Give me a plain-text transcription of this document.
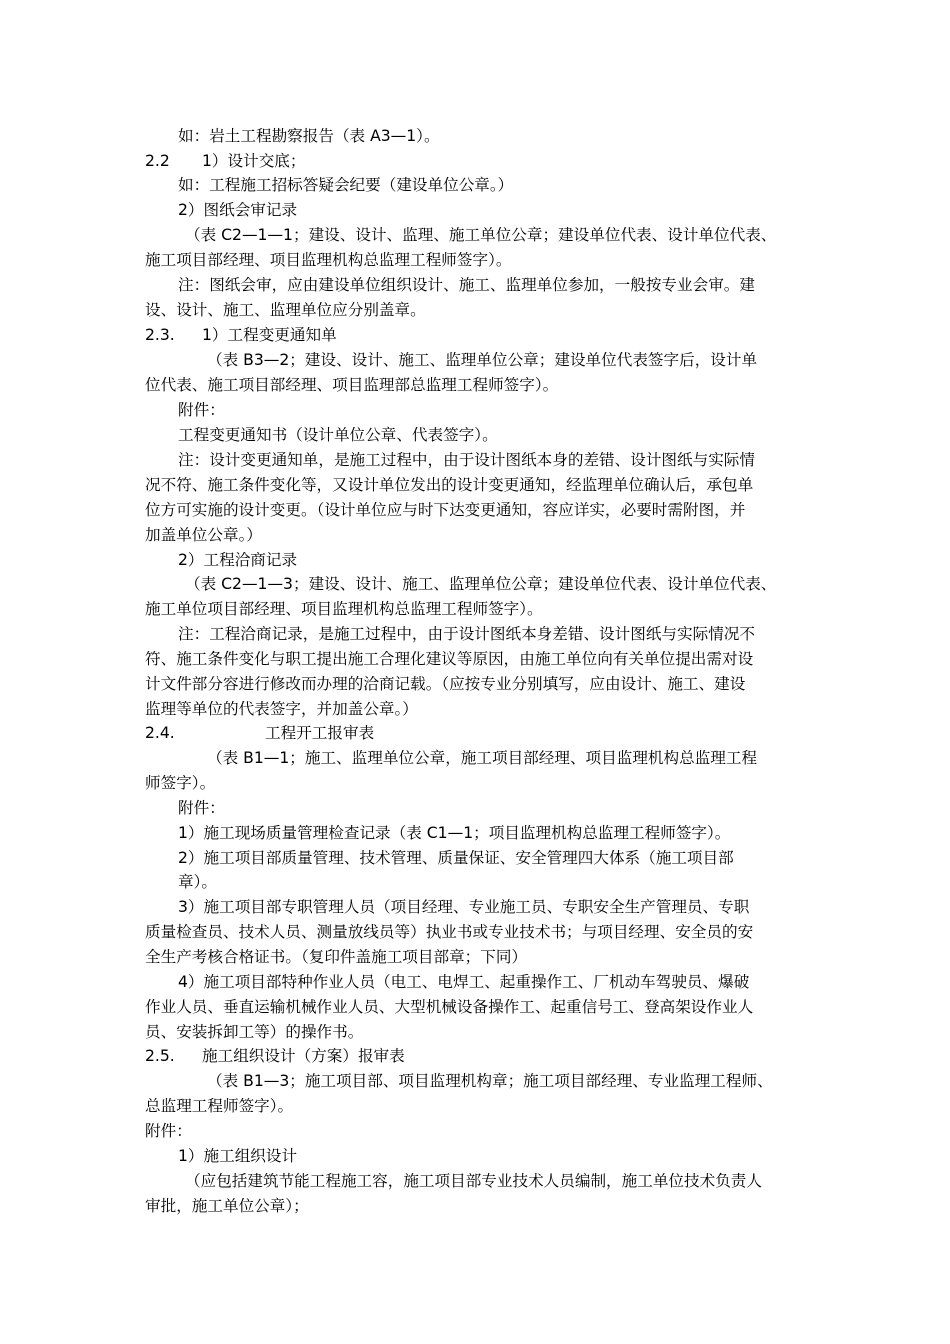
如：岩土工程勘察报告（表 A3—1）。
2.2 1）设计交底；
如：工程施工招标答疑会纪要（建设单位公章。）
2）图纸会审记录
（表 C2—1—1；建设、设计、监理、施工单位公章；建设单位代表、设计单位代表、
施工项目部经理、项目监理机构总监理工程师签字）。
注：图纸会审，应由建设单位组织设计、施工、监理单位参加，一般按专业会审。建
设、设计、施工、监理单位应分别盖章。
2.3. 1）工程变更通知单
（表 B3—2；建设、设计、施工、监理单位公章；建设单位代表签字后，设计单
位代表、施工项目部经理、项目监理部总监理工程师签字）。
附件：
工程变更通知书（设计单位公章、代表签字）。
注：设计变更通知单，是施工过程中，由于设计图纸本身的差错、设计图纸与实际情
况不符、施工条件变化等，又设计单位发出的设计变更通知，经监理单位确认后，承包单
位方可实施的设计变更。（设计单位应与时下达变更通知，容应详实，必要时需附图，并
加盖单位公章。）
2）工程洽商记录
（表 C2—1—3；建设、设计、施工、监理单位公章；建设单位代表、设计单位代表、
施工单位项目部经理、项目监理机构总监理工程师签字）。
注：工程洽商记录，是施工过程中，由于设计图纸本身差错、设计图纸与实际情况不
符、施工条件变化与职工提出施工合理化建议等原因，由施工单位向有关单位提出需对设
计文件部分容进行修改而办理的洽商记载。（应按专业分别填写，应由设计、施工、建设
监理等单位的代表签字，并加盖公章。）
2.4.	工程开工报审表
（表 B1—1；施工、监理单位公章，施工项目部经理、项目监理机构总监理工程
师签字）。
附件：
1）施工现场质量管理检查记录（表 C1—1；项目监理机构总监理工程师签字）。
2）施工项目部质量管理、技术管理、质量保证、安全管理四大体系（施工项目部
章）。
3）施工项目部专职管理人员（项目经理、专业施工员、专职安全生产管理员、专职
质量检查员、技术人员、测量放线员等）执业书或专业技术书；与项目经理、安全员的安
全生产考核合格证书。（复印件盖施工项目部章；下同）
4）施工项目部特种作业人员（电工、电焊工、起重操作工、厂机动车驾驶员、爆破
作业人员、垂直运输机械作业人员、大型机械设备操作工、起重信号工、登高架设作业人
员、安装拆卸工等）的操作书。
2.5. 施工组织设计（方案）报审表
（表 B1—3；施工项目部、项目监理机构章；施工项目部经理、专业监理工程师、
总监理工程师签字）。
附件：
1）施工组织设计
（应包括建筑节能工程施工容，施工项目部专业技术人员编制，施工单位技术负责人
审批，施工单位公章）；
